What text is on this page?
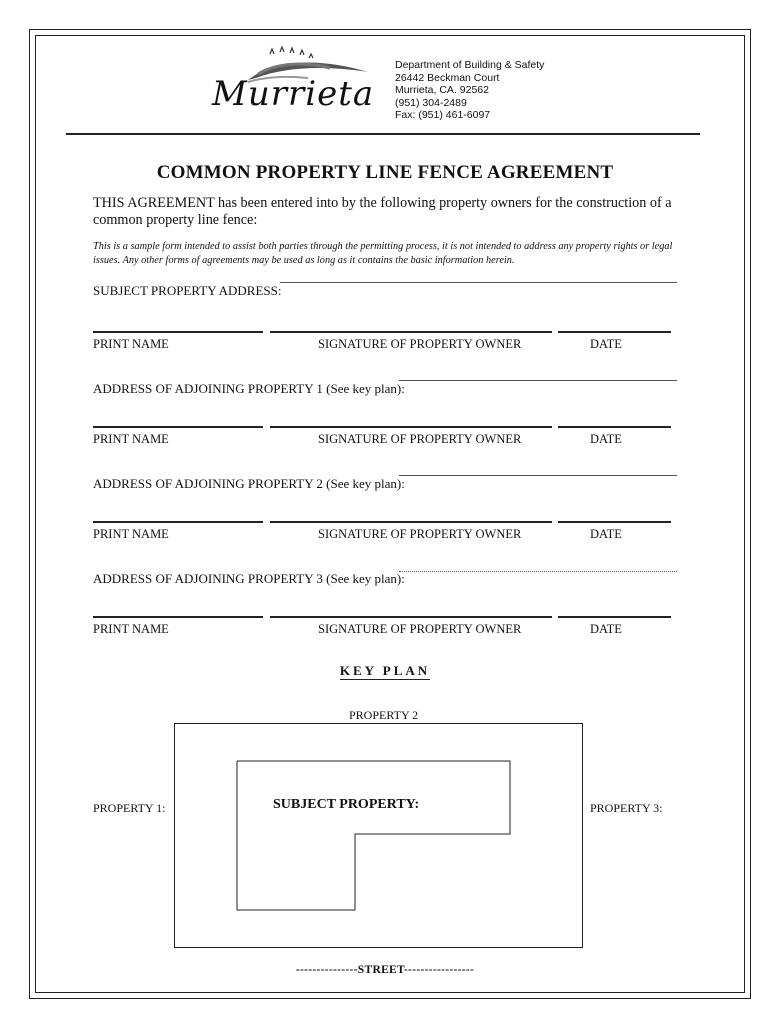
Murrieta
Department of Building & Safety
26442 Beckman Court
Murrieta, CA. 92562
(951) 304-2489
Fax: (951) 461-6097
COMMON PROPERTY LINE FENCE AGREEMENT
THIS AGREEMENT has been entered into by the following property owners for the construction of a common property line fence:
This is a sample form intended to assist both parties through the permitting process, it is not intended to address any property rights or legal issues. Any other forms of agreements may be used as long as it contains the basic information herein.
SUBJECT PROPERTY ADDRESS:
PRINT NAME	SIGNATURE OF PROPERTY OWNER	DATE
ADDRESS OF ADJOINING PROPERTY 1 (See key plan):
PRINT NAME	SIGNATURE OF PROPERTY OWNER	DATE
ADDRESS OF ADJOINING PROPERTY 2 (See key plan):
PRINT NAME	SIGNATURE OF PROPERTY OWNER	DATE
ADDRESS OF ADJOINING PROPERTY 3 (See key plan):
PRINT NAME	SIGNATURE OF PROPERTY OWNER	DATE
KEY PLAN
PROPERTY 2
PROPERTY 1:	SUBJECT PROPERTY:	PROPERTY 3:
---------------STREET-----------------
